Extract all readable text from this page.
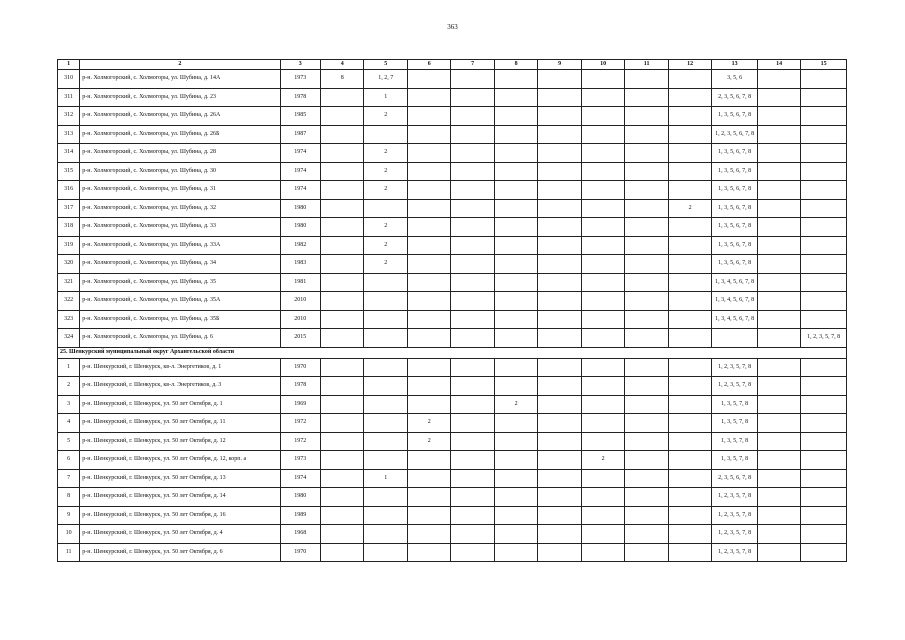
363
1	2	3	4	5	6	7	8	9	10	11	12	13	14	15
310	р-н. Холмогорский, с. Холмогоры, ул. Шубина, д. 14А	1973	8	1, 2, 7								3, 5, 6		
311	р-н. Холмогорский, с. Холмогоры, ул. Шубина, д. 23	1978		1								2, 3, 5, 6, 7, 8		
312	р-н. Холмогорский, с. Холмогоры, ул. Шубина, д. 26А	1985		2								1, 3, 5, 6, 7, 8		
313	р-н. Холмогорский, с. Холмогоры, ул. Шубина, д. 26Б	1987										1, 2, 3, 5, 6, 7, 8		
314	р-н. Холмогорский, с. Холмогоры, ул. Шубина, д. 28	1974		2								1, 3, 5, 6, 7, 8		
315	р-н. Холмогорский, с. Холмогоры, ул. Шубина, д. 30	1974		2								1, 3, 5, 6, 7, 8		
316	р-н. Холмогорский, с. Холмогоры, ул. Шубина, д. 31	1974		2								1, 3, 5, 6, 7, 8		
317	р-н. Холмогорский, с. Холмогоры, ул. Шубина, д. 32	1980									2	1, 3, 5, 6, 7, 8		
318	р-н. Холмогорский, с. Холмогоры, ул. Шубина, д. 33	1980		2								1, 3, 5, 6, 7, 8		
319	р-н. Холмогорский, с. Холмогоры, ул. Шубина, д. 33А	1982		2								1, 3, 5, 6, 7, 8		
320	р-н. Холмогорский, с. Холмогоры, ул. Шубина, д. 34	1983		2								1, 3, 5, 6, 7, 8		
321	р-н. Холмогорский, с. Холмогоры, ул. Шубина, д. 35	1981										1, 3, 4, 5, 6, 7, 8		
322	р-н. Холмогорский, с. Холмогоры, ул. Шубина, д. 35А	2010										1, 3, 4, 5, 6, 7, 8		
323	р-н. Холмогорский, с. Холмогоры, ул. Шубина, д. 35Б	2010										1, 3, 4, 5, 6, 7, 8		
324	р-н. Холмогорский, с. Холмогоры, ул. Шубина, д. 6	2015												1, 2, 3, 5, 7, 8
25. Шенкурский муниципальный округ Архангельской области														
1	р-н. Шенкурский, г. Шенкурск, кв-л. Энергетиков, д. 1	1970										1, 2, 3, 5, 7, 8		
2	р-н. Шенкурский, г. Шенкурск, кв-л. Энергетиков, д. 3	1978										1, 2, 3, 5, 7, 8		
3	р-н. Шенкурский, г. Шенкурск, ул. 50 лет Октября, д. 1	1969					2					1, 3, 5, 7, 8		
4	р-н. Шенкурский, г. Шенкурск, ул. 50 лет Октября, д. 11	1972			2							1, 3, 5, 7, 8		
5	р-н. Шенкурский, г. Шенкурск, ул. 50 лет Октября, д. 12	1972			2							1, 3, 5, 7, 8		
6	р-н. Шенкурский, г. Шенкурск, ул. 50 лет Октября, д. 12, корп. а	1973							2			1, 3, 5, 7, 8		
7	р-н. Шенкурский, г. Шенкурск, ул. 50 лет Октября, д. 13	1974		1								2, 3, 5, 6, 7, 8		
8	р-н. Шенкурский, г. Шенкурск, ул. 50 лет Октября, д. 14	1980										1, 2, 3, 5, 7, 8		
9	р-н. Шенкурский, г. Шенкурск, ул. 50 лет Октября, д. 16	1989										1, 2, 3, 5, 7, 8		
10	р-н. Шенкурский, г. Шенкурск, ул. 50 лет Октября, д. 4	1968										1, 2, 3, 5, 7, 8		
11	р-н. Шенкурский, г. Шенкурск, ул. 50 лет Октября, д. 6	1970										1, 2, 3, 5, 7, 8		
